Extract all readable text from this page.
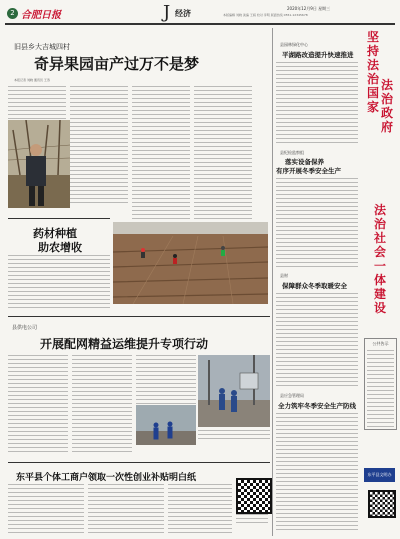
2 合肥日报	J 经济
2020年12月9日 星期三
本版编辑 刘晓 美编 王娟 校对 李明 版面热线 0551-12345678
旧县乡大吉城四村
奇异果园亩产过万不是梦
本报记者 刘晓 通讯员 王涛
药材种植
助农增收
县供电公司
开展配网精益运维提升专项行动
东平县个体工商户领取一次性创业补贴明白纸
县园林绿化中心
平湖路改造提升快速推进
县纪检监察组
落实设备保养
有序开展冬季安全生产
县财
保障群众冬季取暖安全
县应急管理局
全力筑牢冬季安全生产防线
坚持法治国家
法治政府
法治社会一体建设
公共告示
东平县文明办
